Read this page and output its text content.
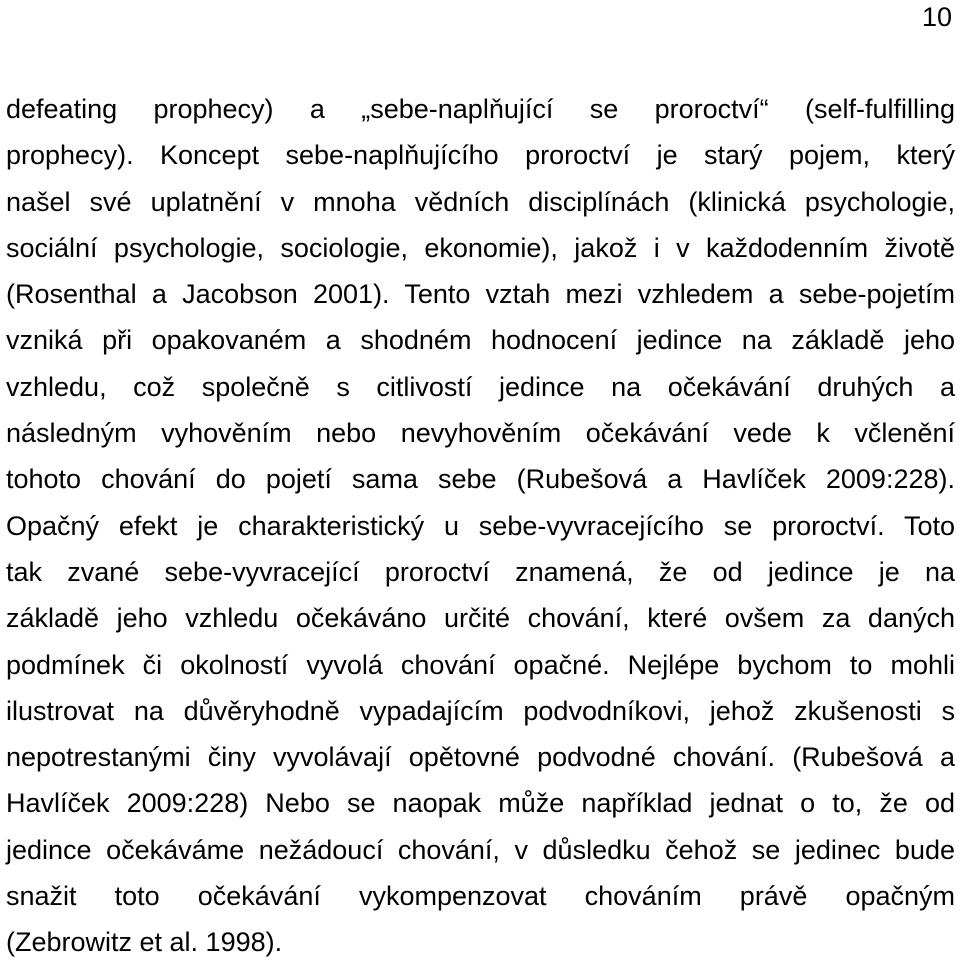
10
defeating prophecy) a „sebe-naplňující se proroctví“ (self-fulfilling
prophecy). Koncept sebe-naplňujícího proroctví je starý pojem, který
našel své uplatnění v mnoha vědních disciplínách (klinická psychologie,
sociální psychologie, sociologie, ekonomie), jakož i v každodenním životě
(Rosenthal a Jacobson 2001). Tento vztah mezi vzhledem a sebe-pojetím
vzniká při opakovaném a shodném hodnocení jedince na základě jeho
vzhledu, což společně s citlivostí jedince na očekávání druhých a
následným vyhověním nebo nevyhověním očekávání vede k včlenění
tohoto chování do pojetí sama sebe (Rubešová a Havlíček 2009:228).
Opačný efekt je charakteristický u sebe-vyvracejícího se proroctví. Toto
tak zvané sebe-vyvracející proroctví znamená, že od jedince je na
základě jeho vzhledu očekáváno určité chování, které ovšem za daných
podmínek či okolností vyvolá chování opačné. Nejlépe bychom to mohli
ilustrovat na důvěryhodně vypadajícím podvodníkovi, jehož zkušenosti s
nepotrestanými činy vyvolávají opětovné podvodné chování. (Rubešová a
Havlíček 2009:228) Nebo se naopak může například jednat o to, že od
jedince očekáváme nežádoucí chování, v důsledku čehož se jedinec bude
snažit toto očekávání vykompenzovat chováním právě opačným
(Zebrowitz et al. 1998).
